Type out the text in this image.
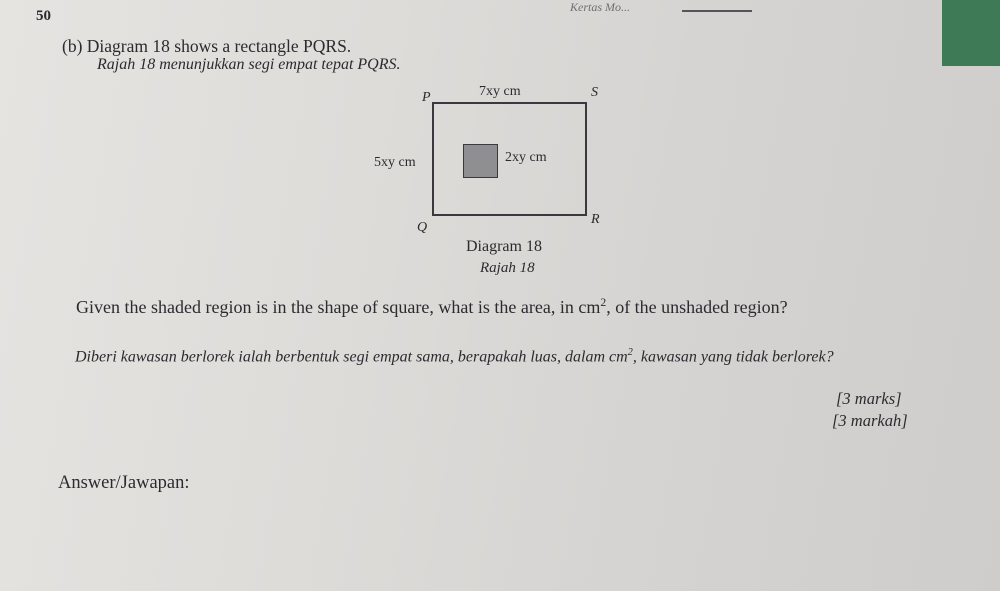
Kertas Mo...
50
(b) Diagram 18 shows a rectangle PQRS.
Rajah 18 menunjukkan segi empat tepat PQRS.
P	S
Q
R
7xy cm
5xy cm	2xy cm
Diagram 18
Rajah 18
Given the shaded region is in the shape of square, what is the area, in $cm^2$, of the unshaded region?
Diberi kawasan berlorek ialah berbentuk segi empat sama, berapakah luas, dalam $cm^2$, kawasan yang tidak berlorek?
[3 marks]
[3 markah]
Answer/Jawapan:
